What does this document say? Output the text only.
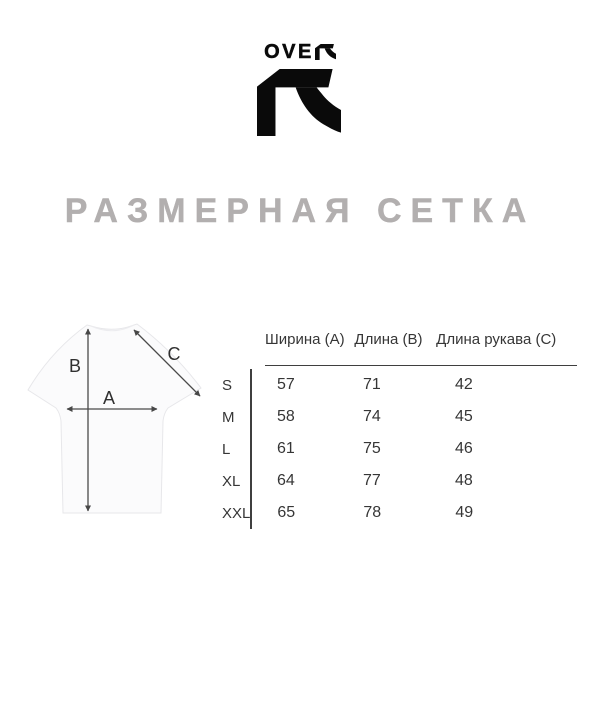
OVE
РАЗМЕРНАЯ СЕТКА
B
A
C
Ширина (A) Длина (B) Длина рукава (C)
S	57	71	42
M	58	74	45
L	61	75	46
XL	64	77	48
XXL	65	78	49
